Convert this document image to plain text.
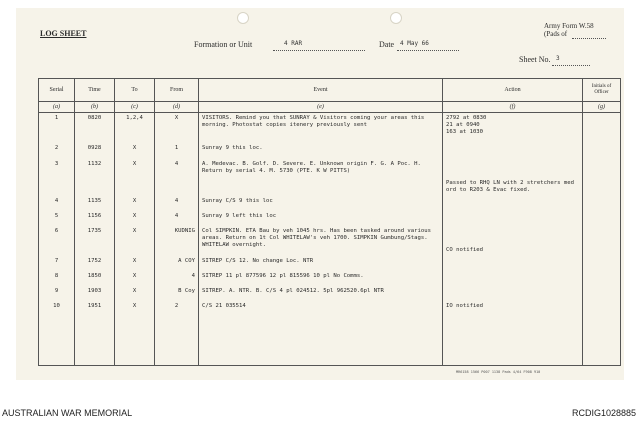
LOG SHEET
Army Form W.58
(Pads of
Formation or Unit	4 RAR	Date 4 May 66
Sheet No. 3
Serial	Time	To	From	Event	Action	Initials of Officer
(a)	(b)	(c)	(d)	(e)	(f)	(g)
1	0820	1,2,4	X	VISITORS. Remind you that SUNRAY & Visitors coming your areas this morning. Photostat copies itenery previously sent	2792 at 0830
21 at 0940
163 at 1030	
2	0928	X	1	Sunray 9 this loc.		
3	1132	X	4	A. Medevac. B. Golf. D. Severe. E. Unknown origin F. G. A Poc. H. Return by serial 4. M. 5730 (PTE. K W PITTS)	Passed to RHQ LN with 2 stretchers med ord to R203 & Evac fixed.	
4	1135	X	4	Sunray C/S 9 this loc		
5	1156	X	4	Sunray 9 left this loc		
6	1735	X	KUDNIG	Col SIMPKIN. ETA Bau by veh 1045 hrs. Has been tasked around various areas. Return on 1t Col WHITELAW's veh 1700. SIMPKIN Gumbung/Stags. WHITELAW overnight.	CO notified	
7	1752	X	A COY	SITREP C/S 12. No change Loc. NTR		
8	1850	X	4	SITREP 11 pl 877596 12 pl 815596 10 pl No Comms.		
9	1903	X	B Coy	SITREP. A. NTR. B. C/S 4 pl 024512. 5pl 962520.6pl NTR		
10	1951	X	2	C/S 21 035514	IO notified	

MR6158 1566 P007 1138 Pads 4/64 F908 910
AUSTRALIAN WAR MEMORIAL	RCDIG1028885
